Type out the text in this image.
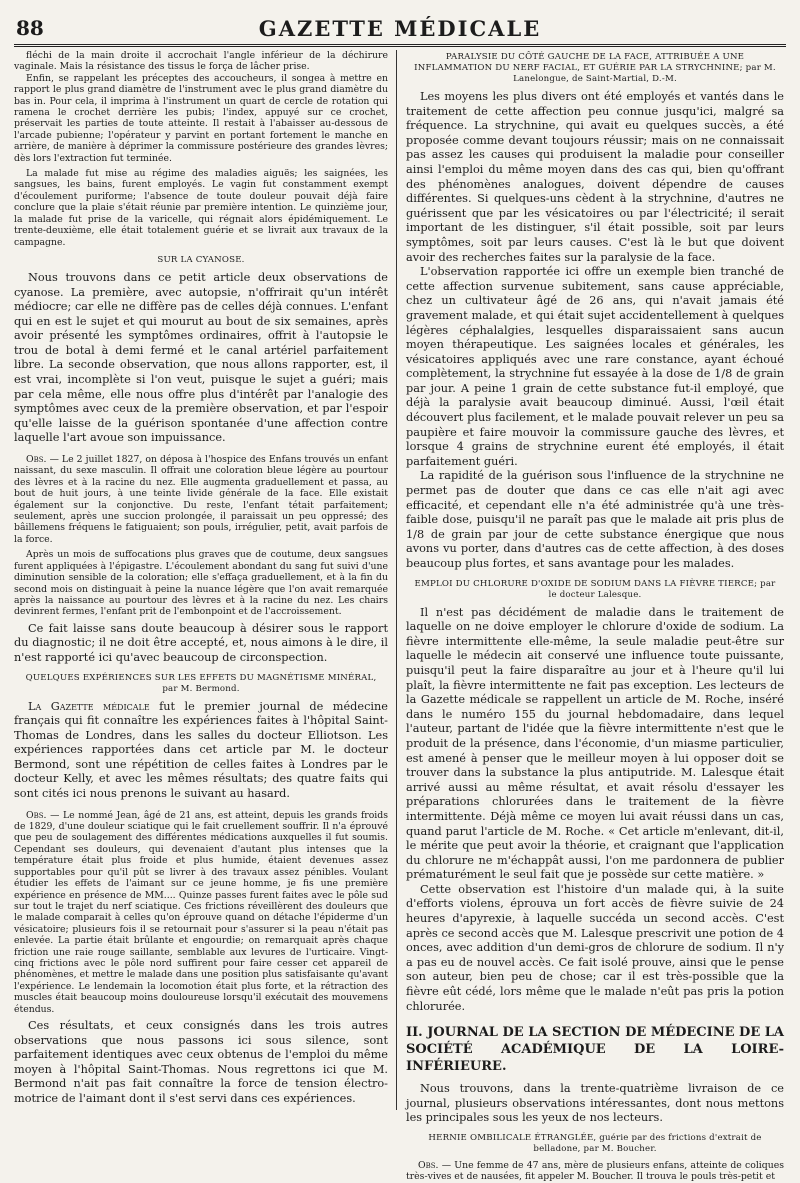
88	GAZETTE MÉDICALE

fléchi de la main droite il accrochait l'angle inférieur de la déchirure vaginale. Mais la résistance des tissus le força de lâcher prise.

Enfin, se rappelant les préceptes des accoucheurs, il songea à mettre en rapport le plus grand diamètre de l'instrument avec le plus grand diamètre du bas in. Pour cela, il imprima à l'instrument un quart de cercle de rotation qui ramena le crochet derrière les pubis; l'index, appuyé sur ce crochet, préservait les parties de toute atteinte. Il restait à l'abaisser au-dessous de l'arcade pubienne; l'opérateur y parvint en portant fortement le manche en arrière, de manière à déprimer la commissure postérieure des grandes lèvres; dès lors l'extraction fut terminée.

La malade fut mise au régime des maladies aiguës; les saignées, les sangsues, les bains, furent employés. Le vagin fut constamment exempt d'écoulement puriforme; l'absence de toute douleur pouvait déjà faire conclure que la plaie s'était réunie par première intention. Le quinzième jour, la malade fut prise de la varicelle, qui régnait alors épidémiquement. Le trente-deuxième, elle était totalement guérie et se livrait aux travaux de la campagne.

SUR LA CYANOSE.

Nous trouvons dans ce petit article deux observations de cyanose. La première, avec autopsie, n'offrirait qu'un intérêt médiocre; car elle ne diffère pas de celles déjà connues. L'enfant qui en est le sujet et qui mourut au bout de six semaines, après avoir présenté les symptômes ordinaires, offrit à l'autopsie le trou de botal à demi fermé et le canal artériel parfaitement libre. La seconde observation, que nous allons rapporter, est, il est vrai, incomplète si l'on veut, puisque le sujet a guéri; mais par cela même, elle nous offre plus d'intérêt par l'analogie des symptômes avec ceux de la première observation, et par l'espoir qu'elle laisse de la guérison spontanée d'une affection contre laquelle l'art avoue son impuissance.

Obs. — Le 2 juillet 1827, on déposa à l'hospice des Enfans trouvés un enfant naissant, du sexe masculin. Il offrait une coloration bleue légère au pourtour des lèvres et à la racine du nez. Elle augmenta graduellement et passa, au bout de huit jours, à une teinte livide générale de la face. Elle existait également sur la conjonctive. Du reste, l'enfant tétait parfaitement; seulement, après une succion prolongée, il paraissait un peu oppressé; des bâillemens fréquens le fatiguaient; son pouls, irrégulier, petit, avait parfois de la force.

Après un mois de suffocations plus graves que de coutume, deux sangsues furent appliquées à l'épigastre. L'écoulement abondant du sang fut suivi d'une diminution sensible de la coloration; elle s'effaça graduellement, et à la fin du second mois on distinguait à peine la nuance légère que l'on avait remarquée après la naissance au pourtour des lèvres et à la racine du nez. Les chairs devinrent fermes, l'enfant prit de l'embonpoint et de l'accroissement.

Ce fait laisse sans doute beaucoup à désirer sous le rapport du diagnostic; il ne doit être accepté, et, nous aimons à le dire, il n'est rapporté ici qu'avec beaucoup de circonspection.

QUELQUES EXPÉRIENCES SUR LES EFFETS DU MAGNÉTISME MINÉRAL, par M. Bermond.

La Gazette médicale fut le premier journal de médecine français qui fit connaître les expériences faites à l'hôpital Saint-Thomas de Londres, dans les salles du docteur Elliotson. Les expériences rapportées dans cet article par M. le docteur Bermond, sont une répétition de celles faites à Londres par le docteur Kelly, et avec les mêmes résultats; des quatre faits qui sont cités ici nous prenons le suivant au hasard.

Obs. — Le nommé Jean, âgé de 21 ans, est atteint, depuis les grands froids de 1829, d'une douleur sciatique qui le fait cruellement souffrir. Il n'a éprouvé que peu de soulagement des différentes médications auxquelles il fut soumis. Cependant ses douleurs, qui devenaient d'autant plus intenses que la température était plus froide et plus humide, étaient devenues assez supportables pour qu'il pût se livrer à des travaux assez pénibles. Voulant étudier les effets de l'aimant sur ce jeune homme, je fis une première expérience en présence de MM.... Quinze passes furent faites avec le pôle sud sur tout le trajet du nerf sciatique. Ces frictions réveillèrent des douleurs que le malade comparait à celles qu'on éprouve quand on détache l'épiderme d'un vésicatoire; plusieurs fois il se retournait pour s'assurer si la peau n'était pas enlevée. La partie était brûlante et engourdie; on remarquait après chaque friction une raie rouge saillante, semblable aux levures de l'urticaire. Vingt-cinq frictions avec le pôle nord suffirent pour faire cesser cet appareil de phénomènes, et mettre le malade dans une position plus satisfaisante qu'avant l'expérience. Le lendemain la locomotion était plus forte, et la rétraction des muscles était beaucoup moins douloureuse lorsqu'il exécutait des mouvemens étendus.

Ces résultats, et ceux consignés dans les trois autres observations que nous passons ici sous silence, sont parfaitement identiques avec ceux obtenus de l'emploi du même moyen à l'hôpital Saint-Thomas. Nous regrettons ici que M. Bermond n'ait pas fait connaître la force de tension électro-motrice de l'aimant dont il s'est servi dans ces expériences.

PARALYSIE DU CÔTÉ GAUCHE DE LA FACE, ATTRIBUÉE A UNE INFLAMMATION DU NERF FACIAL, ET GUÉRIE PAR LA STRYCHNINE; par M. Lanelongue, de Saint-Martial, D.-M.

Les moyens les plus divers ont été employés et vantés dans le traitement de cette affection peu connue jusqu'ici, malgré sa fréquence. La strychnine, qui avait eu quelques succès, a été proposée comme devant toujours réussir; mais on ne connaissait pas assez les causes qui produisent la maladie pour conseiller ainsi l'emploi du même moyen dans des cas qui, bien qu'offrant des phénomènes analogues, doivent dépendre de causes différentes. Si quelques-uns cèdent à la strychnine, d'autres ne guérissent que par les vésicatoires ou par l'électricité; il serait important de les distinguer, s'il était possible, soit par leurs symptômes, soit par leurs causes. C'est là le but que doivent avoir des recherches faites sur la paralysie de la face.

L'observation rapportée ici offre un exemple bien tranché de cette affection survenue subitement, sans cause appréciable, chez un cultivateur âgé de 26 ans, qui n'avait jamais été gravement malade, et qui était sujet accidentellement à quelques légères céphalalgies, lesquelles disparaissaient sans aucun moyen thérapeutique. Les saignées locales et générales, les vésicatoires appliqués avec une rare constance, ayant échoué complètement, la strychnine fut essayée à la dose de 1/8 de grain par jour. A peine 1 grain de cette substance fut-il employé, que déjà la paralysie avait beaucoup diminué. Aussi, l'œil était découvert plus facilement, et le malade pouvait relever un peu sa paupière et faire mouvoir la commissure gauche des lèvres, et lorsque 4 grains de strychnine eurent été employés, il était parfaitement guéri.

La rapidité de la guérison sous l'influence de la strychnine ne permet pas de douter que dans ce cas elle n'ait agi avec efficacité, et cependant elle n'a été administrée qu'à une très-faible dose, puisqu'il ne paraît pas que le malade ait pris plus de 1/8 de grain par jour de cette substance énergique que nous avons vu porter, dans d'autres cas de cette affection, à des doses beaucoup plus fortes, et sans avantage pour les malades.

EMPLOI DU CHLORURE D'OXIDE DE SODIUM DANS LA FIÈVRE TIERCE; par le docteur Lalesque.

Il n'est pas décidément de maladie dans le traitement de laquelle on ne doive employer le chlorure d'oxide de sodium. La fièvre intermittente elle-même, la seule maladie peut-être sur laquelle le médecin ait conservé une influence toute puissante, puisqu'il peut la faire disparaître au jour et à l'heure qu'il lui plaît, la fièvre intermittente ne fait pas exception. Les lecteurs de la Gazette médicale se rappellent un article de M. Roche, inséré dans le numéro 155 du journal hebdomadaire, dans lequel l'auteur, partant de l'idée que la fièvre intermittente n'est que le produit de la présence, dans l'économie, d'un miasme particulier, est amené à penser que le meilleur moyen à lui opposer doit se trouver dans la substance la plus antiputride. M. Lalesque était arrivé aussi au même résultat, et avait résolu d'essayer les préparations chlorurées dans le traitement de la fièvre intermittente. Déjà même ce moyen lui avait réussi dans un cas, quand parut l'article de M. Roche. « Cet article m'enlevant, dit-il, le mérite que peut avoir la théorie, et craignant que l'application du chlorure ne m'échappât aussi, l'on me pardonnera de publier prématurément le seul fait que je possède sur cette matière. »

Cette observation est l'histoire d'un malade qui, à la suite d'efforts violens, éprouva un fort accès de fièvre suivie de 24 heures d'apyrexie, à laquelle succéda un second accès. C'est après ce second accès que M. Lalesque prescrivit une potion de 4 onces, avec addition d'un demi-gros de chlorure de sodium. Il n'y a pas eu de nouvel accès. Ce fait isolé prouve, ainsi que le pense son auteur, bien peu de chose; car il est très-possible que la fièvre eût cédé, lors même que le malade n'eût pas pris la potion chlorurée.

II. JOURNAL DE LA SECTION DE MÉDECINE DE LA SOCIÉTÉ ACADÉMIQUE DE LA LOIRE-INFÉRIEURE.

Nous trouvons, dans la trente-quatrième livraison de ce journal, plusieurs observations intéressantes, dont nous mettons les principales sous les yeux de nos lecteurs.

HERNIE OMBILICALE ÉTRANGLÉE, guérie par des frictions d'extrait de belladone, par M. Boucher.

Obs. — Une femme de 47 ans, mère de plusieurs enfans, atteinte de coliques très-vives et de nausées, fit appeler M. Boucher. Il trouva le pouls très-petit et
